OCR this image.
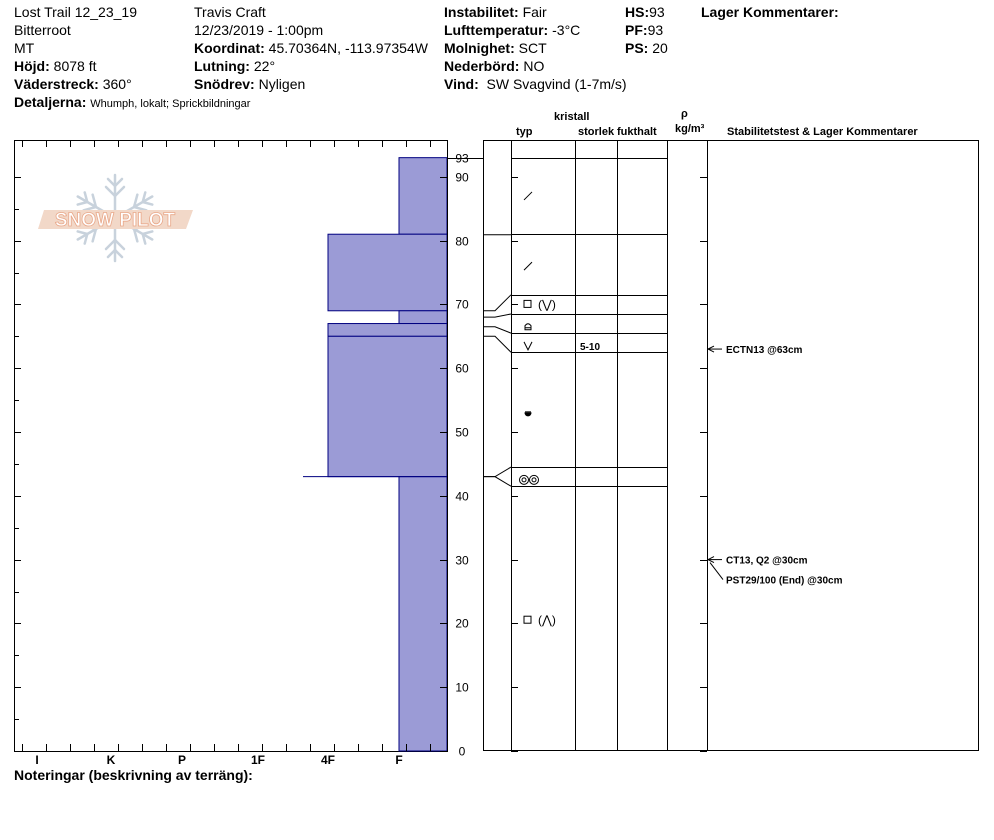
Lost Trail 12_23_19
Bitterroot
MT
Höjd: 8078 ft
Väderstreck: 360°
Detaljerna: Whumph, lokalt; Sprickbildningar
Travis Craft
12/23/2019 - 1:00pm
Koordinat: 45.70364N, -113.97354W
Lutning: 22°
Snödrev: Nyligen
Instabilitet: Fair
Lufttemperatur: -3°C
Molnighet: SCT
Nederbörd: NO
Vind: SW Svagvind (1-7m/s)
HS:93
PF:93
PS: 20
Lager Kommentarer:
kristall
typ	storlek fukthalt
ρ
kg/m³ Stabilitetstest & Lager Kommentarer
SNOW PILOT
I	K	P	1F	4F	F
0
10
20
30
40
50
60
70
80
90
93
(⋁)
5-10
(⋀)
ECTN13 @63cm
CT13, Q2 @30cm
PST29/100 (End) @30cm
Noteringar (beskrivning av terräng):
